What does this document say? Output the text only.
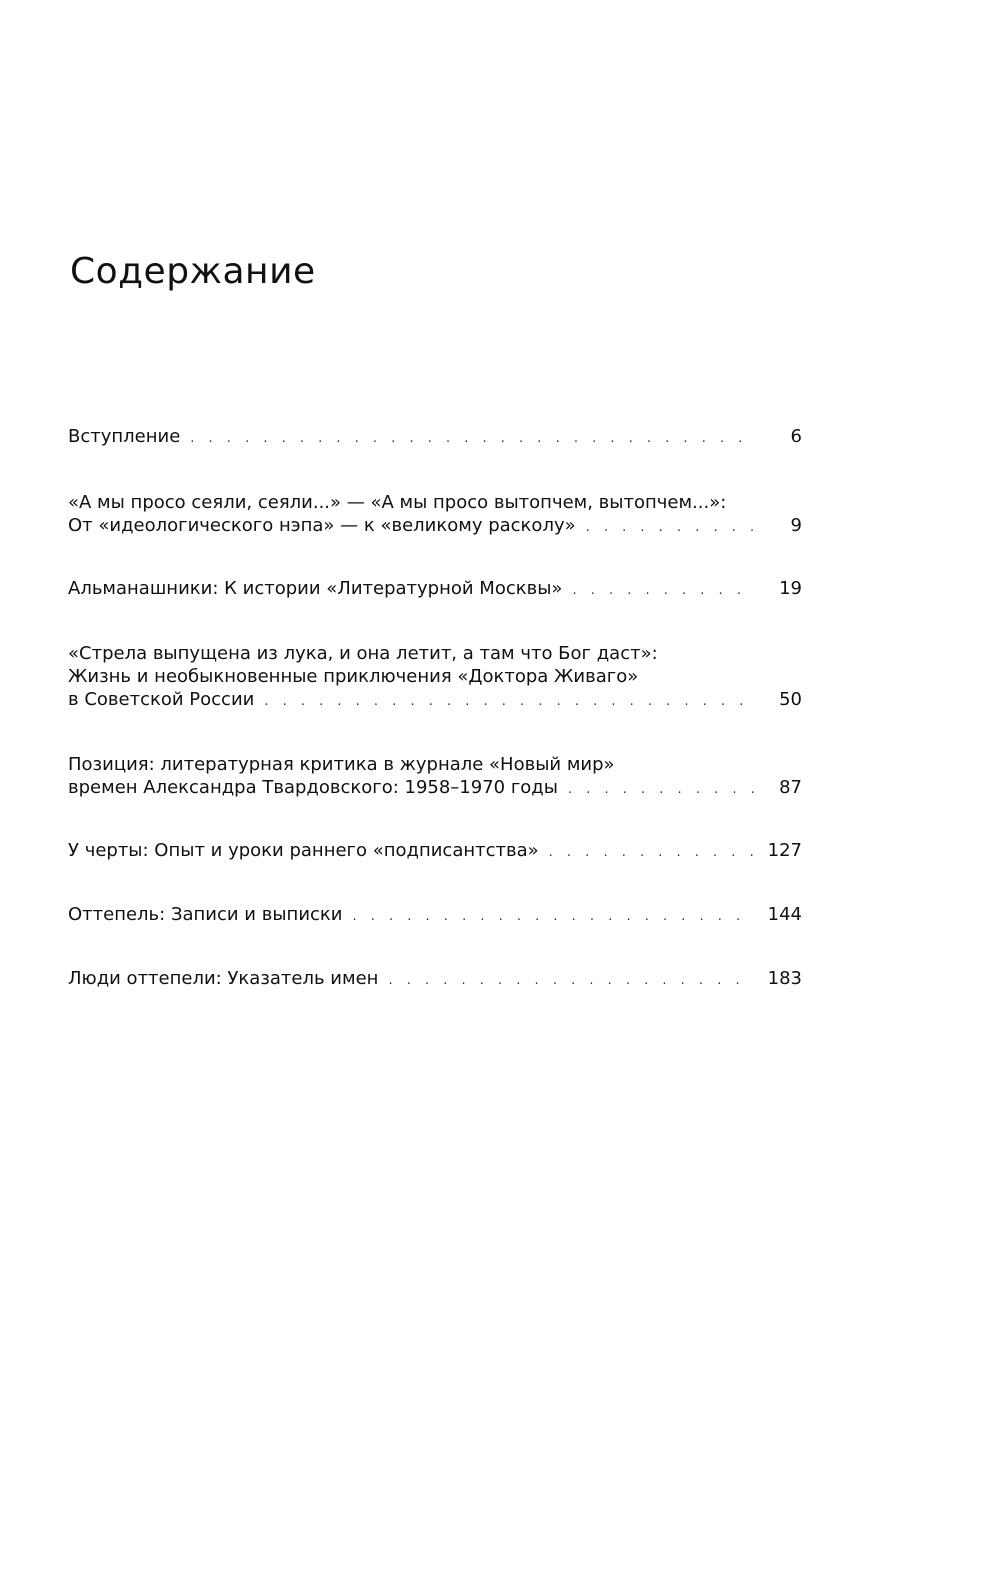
Содержание
Вступление . . .	6
«А мы просо сеяли, сеяли...» — «А мы просо вытопчем, вытопчем...»:
От «идеологического нэпа» — к «великому расколу» . . .	9
Альманашники: К истории «Литературной Москвы» . . .	19
«Стрела выпущена из лука, и она летит, а там что Бог даст»:
Жизнь и необыкновенные приключения «Доктора Живаго»
в Советской России . . .	50
Позиция: литературная критика в журнале «Новый мир»
времен Александра Твардовского: 1958–1970 годы . . .	87
У черты: Опыт и уроки раннего «подписантства» . . .	127
Оттепель: Записи и выписки . . .	144
Люди оттепели: Указатель имен . . .	183
